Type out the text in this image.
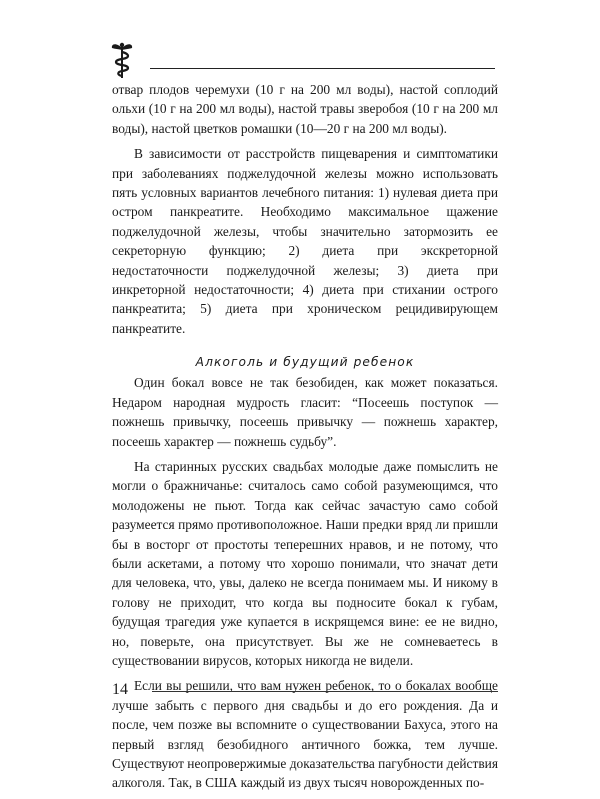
отвар плодов черемухи (10 г на 200 мл воды), настой соплодий ольхи (10 г на 200 мл воды), настой травы зверобоя (10 г на 200 мл воды), настой цветков ромашки (10—20 г на 200 мл воды).

В зависимости от расстройств пищеварения и симптоматики при заболеваниях поджелудочной железы можно использовать пять условных вариантов лечебного питания: 1) нулевая диета при остром панкреатите. Необходимо максимальное щажение поджелудочной железы, чтобы значительно затормозить ее секреторную функцию; 2) диета при экскреторной недостаточности поджелудочной железы; 3) диета при инкреторной недостаточности; 4) диета при стихании острого панкреатита; 5) диета при хроническом рецидивирующем панкреатите.

Алкоголь и будущий ребенок

Один бокал вовсе не так безобиден, как может показаться. Недаром народная мудрость гласит: “Посеешь поступок — пожнешь привычку, посеешь привычку — пожнешь характер, посеешь характер — пожнешь судьбу”.

На старинных русских свадьбах молодые даже помыслить не могли о бражничанье: считалось само собой разумеющимся, что молодожены не пьют. Тогда как сейчас зачастую само собой разумеется прямо противоположное. Наши предки вряд ли пришли бы в восторг от простоты теперешних нравов, и не потому, что были аскетами, а потому что хорошо понимали, что значат дети для человека, что, увы, далеко не всегда понимаем мы. И никому в голову не приходит, что когда вы подносите бокал к губам, будущая трагедия уже купается в искрящемся вине: ее не видно, но, поверьте, она присутствует. Вы же не сомневаетесь в существовании вирусов, которых никогда не видели.

Если вы решили, что вам нужен ребенок, то о бокалах вообще лучше забыть с первого дня свадьбы и до его рождения. Да и после, чем позже вы вспомните о существовании Бахуса, этого на первый взгляд безобидного античного божка, тем лучше. Существуют неопровержимые доказательства пагубности действия алкоголя. Так, в США каждый из двух тысяч новорожденных по-

14
